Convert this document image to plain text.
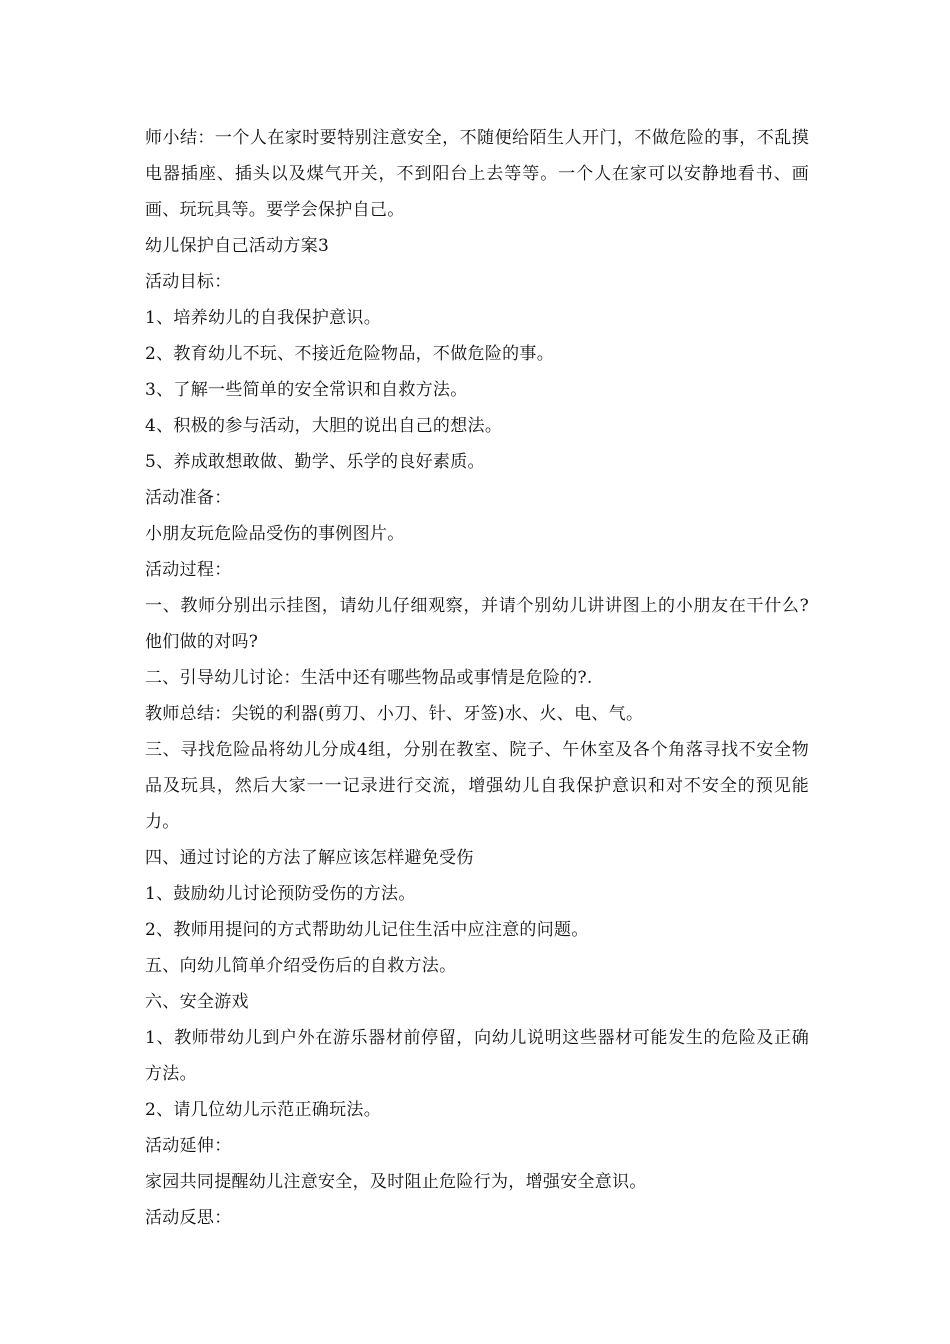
师小结：一个人在家时要特别注意安全，不随便给陌生人开门，不做危险的事，不乱摸电器插座、插头以及煤气开关，不到阳台上去等等。一个人在家可以安静地看书、画画、玩玩具等。要学会保护自己。

幼儿保护自己活动方案3

活动目标：

1、培养幼儿的自我保护意识。

2、教育幼儿不玩、不接近危险物品，不做危险的事。

3、了解一些简单的安全常识和自救方法。

4、积极的参与活动，大胆的说出自己的想法。

5、养成敢想敢做、勤学、乐学的良好素质。

活动准备：

小朋友玩危险品受伤的事例图片。

活动过程：

一、教师分别出示挂图，请幼儿仔细观察，并请个别幼儿讲讲图上的小朋友在干什么?他们做的对吗?

二、引导幼儿讨论：生活中还有哪些物品或事情是危险的?.

教师总结：尖锐的利器(剪刀、小刀、针、牙签)水、火、电、气。

三、寻找危险品将幼儿分成4组，分别在教室、院子、午休室及各个角落寻找不安全物品及玩具，然后大家一一记录进行交流，增强幼儿自我保护意识和对不安全的预见能力。

四、通过讨论的方法了解应该怎样避免受伤

1、鼓励幼儿讨论预防受伤的方法。

2、教师用提问的方式帮助幼儿记住生活中应注意的问题。

五、向幼儿简单介绍受伤后的自救方法。

六、安全游戏

1、教师带幼儿到户外在游乐器材前停留，向幼儿说明这些器材可能发生的危险及正确方法。

2、请几位幼儿示范正确玩法。

活动延伸：

家园共同提醒幼儿注意安全，及时阻止危险行为，增强安全意识。

活动反思：
